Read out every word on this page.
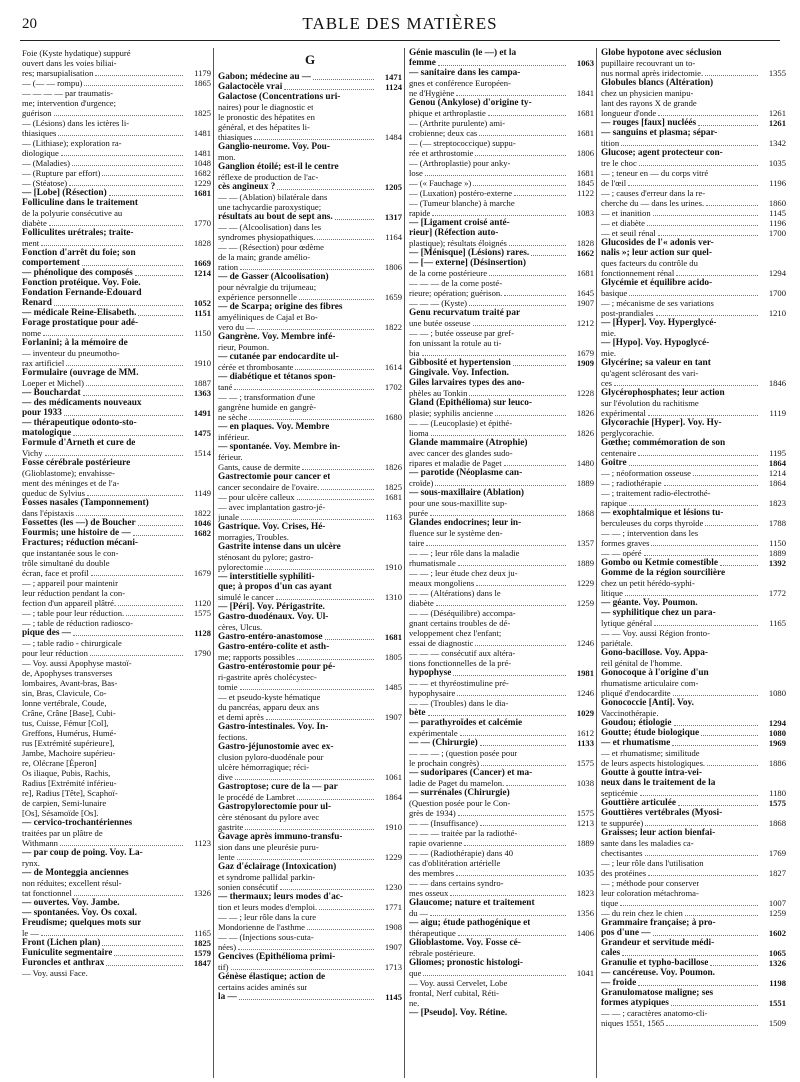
20	TABLE DES MATIÈRES
Foie (Kyste hydatique) suppuré
ouvert dans les voies biliai-
res; marsupialisation	1179
— (— — rompu)	1865
— — — — par traumatis-
me; intervention d'urgence;
guérison	1825
— (Lésions) dans les ictères li-
thiasiques	1481
— (Lithiase); exploration ra-
diologique	1481
— (Maladies)	1048
— (Rupture par effort)	1682
— (Stéatose)	1229
— [Lobe] (Résection)	1681
Folliculine dans le traitement
de la polyurie consécutive au
diabète	1770
Folliculites urétrales; traite-
ment	1828
Fonction d'arrêt du foie; son
comportement	1669
— phénolique des composés	1214
Fonction protéique. Voy. Foie.
Fondation Fernande-Edouard
Renard	1052
— médicale Reine-Elisabeth.	1151
Forage prostatique pour adé-
nome	1150
Forlanini; à la mémoire de
— inventeur du pneumotho-
rax artificiel	1910
Formulaire (ouvrage de MM.
Loeper et Michel)	1887
— Bouchardat	1363
— des médicaments nouveaux
pour 1933	1491
— thérapeutique odonto-sto-
matologique	1475
Formule d'Arneth et cure de
Vichy	1514
Fosse cérébrale postérieure
(Glioblastome); envahisse-
ment des méninges et de l'a-
queduc de Sylvius	1149
Fosses nasales (Tamponnement)
dans l'épistaxis	1822
Fossettes (les —) de Boucher	1046
Fourmis; une histoire de —	1682
Fractures; réduction mécani-
que instantanée sous le con-
trôle simultané du double
écran, face et profil	1679
— ; appareil pour maintenir
leur réduction pendant la con-
fection d'un appareil plâtré.	1120
— ; table pour leur réduction.	1575
— ; table de réduction radiosco-
pique des —	1128
— ; table radio - chirurgicale
pour leur réduction	1790
— Voy. aussi Apophyse mastoï-
de, Apophyses transverses
lombaires, Avant-bras, Bas-
sin, Bras, Clavicule, Co-
lonne vertébrale, Coude,
Crâne, Crâne [Base], Cubi-
tus, Cuisse, Fémur [Col],
Greffons, Humérus, Humé-
rus [Extrémité supérieure],
Jambe, Machoire supérieu-
re, Olécrane [Éperon]
Os iliaque, Pubis, Rachis,
Radius [Extrémité inférieu-
re], Radius [Tête], Scaphoï-
de carpien, Semi-lunaire
[Os], Sésamoïde [Os].
— cervico-trochantériennes
traitées par un plâtre de
Withmann	1123
— par coup de poing. Voy. La-
rynx.
— de Monteggia anciennes
non réduites; excellent résul-
tat fonctionnel	1326
— ouvertes. Voy. Jambe.
— spontanées. Voy. Os coxal.
Freudisme; quelques mots sur
le —	1165
Front (Lichen plan)	1825
Funiculite segmentaire	1579
Furoncles et anthrax	1847
— Voy. aussi Face.
G
Gabon; médecine au —	1471
Galactocèle vrai	1124
Galactose (Concentrations uri-
naires) pour le diagnostic et
le pronostic des hépatites en
général, et des hépatites li-
thiasiques	1484
Ganglio-neurome. Voy. Pou-
mon.
Ganglion étoilé; est-il le centre
réflexe de production de l'ac-
cès angineux ?	1205
— — (Ablation) bilatérale dans
une tachycardie paroxystique;
résultats au bout de sept ans.	1317
— — (Alcoolisation) dans les
syndromes physiopathiques.	1164
— — (Résection) pour œdème
de la main; grande amélio-
ration	1806
— de Gasser (Alcoolisation)
pour névralgie du trijumeau;
expérience personnelle	1659
— de Scarpa; origine des fibres
amyéliniques de Cajal et Bo-
vero du —	1822
Gangrène. Voy. Membre infé-
rieur, Poumon.
— cutanée par endocardite ul-
cérée et thrombosante	1614
— diabétique et tétanos spon-
tané	1702
— — ; transformation d'une
gangrène humide en gangrè-
ne sèche	1680
— en plaques. Voy. Membre
inférieur.
— spontanée. Voy. Membre in-
férieur.
Gants, cause de dermite	1826
Gastrectomie pour cancer et
cancer secondaire de l'ovaire.	1825
— pour ulcère calleux	1681
— avec implantation gastro-jé-
junale	1163
Gastrique. Voy. Crises, Hé-
morragies, Troubles.
Gastrite intense dans un ulcère
sténosant du pylore; gastro-
pylorectomie	1910
— interstitielle syphiliti-
que; à propos d'un cas ayant
simulé le cancer	1310
— [Péri]. Voy. Périgastrite.
Gastro-duodénaux. Voy. Ul-
cères, Ulcus.
Gastro-entéro-anastomose	1681
Gastro-entéro-colite et asth-
me; rapports possibles	1805
Gastro-entérostomie pour pé-
ri-gastrite après cholécystec-
tomie	1485
— et pseudo-kyste hématique
du pancréas, apparu deux ans
et demi après	1907
Gastro-intestinales. Voy. In-
fections.
Gastro-jéjunostomie avec ex-
clusion pyloro-duodénale pour
ulcère hémorragique; réci-
dive	1061
Gastroptose; cure de la — par
le procédé de Lambret	1864
Gastropylorectomie pour ul-
cère sténosant du pylore avec
gastrite	1910
Gavage après immuno-transfu-
sion dans une pleurésie puru-
lente	1229
Gaz d'éclairage (Intoxication)
et syndrome pallidal parkin-
sonien consécutif	1230
— thermaux; leurs modes d'ac-
tion et leurs modes d'emploi.	1771
— — ; leur rôle dans la cure
Mondorienne de l'asthme	1908
— — (Injections sous-cuta-
nées)	1907
Gencives (Epithélioma primi-
tif)	1713
Génèse élastique; action de
certains acides aminés sur
la —	1145
Génie masculin (le —) et la
femme	1063
— sanitaire dans les campa-
gnes et conférence Européen-
ne d'Hygiène	1841
Genou (Ankylose) d'origine ty-
phique et arthroplastie	1681
— (Arthrite purulente) ami-
crobienne; deux cas	1681
— (— streptococcique) suppu-
rée et arthrostomie	1806
— (Arthroplastie) pour anky-
lose	1681
— (« Fauchage »)	1845
— (Luxation) postéro-externe	1122
— (Tumeur blanche) à marche
rapide	1083
— [Ligament croisé anté-
rieur] (Réfection auto-
plastique); résultats éloignés	1828
— [Ménisque] (Lésions) rares.	1662
— [— externe] (Désinsertion)
de la corne postérieure	1681
— — — de la corne posté-
rieure; opération; guérison.	1645
— — — (Kyste)	1907
Genu recurvatum traité par
une butée osseuse	1212
— — ; butée osseuse par gref-
fon unissant la rotule au ti-
bia	1679
Gibbosité et hypertension	1909
Gingivale. Voy. Infection.
Giles larvaires types des ano-
phèles au Tonkin	1228
Gland (Epithélioma) sur leuco-
plasie; syphilis ancienne	1826
— — (Leucoplasie) et épithé-
lioma	1826
Glande mammaire (Atrophie)
avec cancer des glandes sudo-
ripares et maladie de Paget	1480
— parotide (Néoplasme can-
croïde)	1889
— sous-maxillaire (Ablation)
pour une sous-maxillite sup-
purée	1868
Glandes endocrines; leur in-
fluence sur le système den-
taire	1357
— — ; leur rôle dans la maladie
rhumatismale	1889
— — ; leur étude chez deux ju-
meaux mongoliens	1229
— — (Altérations) dans le
diabète	1259
— — (Déséquilibre) accompa-
gnant certains troubles de dé-
veloppement chez l'enfant;
essai de diagnostic	1246
— — — consécutif aux altéra-
tions fonctionnelles de la pré-
hypophyse	1981
— — et thyréostimuline pré-
hypophysaire	1246
— — (Troubles) dans le dia-
bète	1029
— parathyroïdes et calcémie
expérimentale	1612
— — (Chirurgie)	1133
— — — ; (question posée pour
le prochain congrès)	1575
— sudoripares (Cancer) et ma-
ladie de Paget du mamelon.	1038
— surrénales (Chirurgie)
(Question posée pour le Con-
grès de 1934)	1575
— — (Insuffisance)	1213
— — — traitée par la radiothé-
rapie ovarienne	1889
— — (Radiothérapie) dans 40
cas d'oblitération artérielle
des membres	1035
— — dans certains syndro-
mes osseux	1823
Glaucome; nature et traitement
du —	1356
— aigu; étude pathogénique et
thérapeutique	1406
Glioblastome. Voy. Fosse cé-
rébrale postérieure.
Gliomes; pronostic histologi-
que	1041
— Voy. aussi Cervelet, Lobe
frontal, Nerf cubital, Réti-
ne.
— [Pseudo]. Voy. Rétine.
Globe hypotone avec séclusion
pupillaire recouvrant un to-
nus normal après iridectomie.	1355
Globules blancs (Altération)
chez un physicien manipu-
lant des rayons X de grande
longueur d'onde	1261
— rouges [faux] nucléés	1261
— sanguins et plasma; sépar-
tition	1342
Glucose; agent protecteur con-
tre le choc	1035
— ; teneur en — du corps vitré
de l'œil	1196
— ; causes d'erreur dans la re-
cherche du — dans les urines.	1860
— et inanition	1145
— et diabète	1196
— et seuil rénal	1700
Glucosides de l'« adonis ver-
nalis »; leur action sur quel-
ques facteurs du contrôle du
fonctionnement rénal	1294
Glycémie et équilibre acido-
basique	1700
— ; mécanisme de ses variations
post-prandiales	1210
— [Hyper]. Voy. Hyperglycé-
mie.
— [Hypo]. Voy. Hypoglycé-
mie.
Glycérine; sa valeur en tant
qu'agent sclérosant des vari-
ces	1846
Glycérophosphates; leur action
sur l'évolution du rachitisme
expérimental	1119
Glycorachie [Hyper]. Voy. Hy-
perglycorachie.
Gœthe; commémoration de son
centenaire	1195
Goitre	1864
— ; néoformation osseuse	1214
— ; radiothérapie	1864
— ; traitement radio-électrothé-
rapique	1823
— exophtalmique et lésions tu-
berculeuses du corps thyroïde	1788
— — ; intervention dans les
formes graves	1150
— — opéré	1889
Gombo ou Ketmie comestible	1392
Gomme de la région sourcilière
chez un petit hérédo-syphi-
litique	1772
— géante. Voy. Poumon.
— syphilitique chez un para-
lytique général	1165
— — Voy. aussi Région fronto-
pariétale.
Gono-bacillose. Voy. Appa-
reil génital de l'homme.
Gonocoque à l'origine d'un
rhumatisme articulaire com-
pliqué d'endocardite	1080
Gonococcie [Anti]. Voy.
Vaccinothérapie.
Goudou; étiologie	1294
Goutte; étude biologique	1080
— et rhumatisme	1969
— et rhumatisme; similitude
de leurs aspects histologiques.	1886
Goutte à goutte intra-vei-
neux dans le traitement de la
septicémie	1180
Gouttière articulée	1575
Gouttières vertébrales (Myosi-
te suppurée)	1868
Graisses; leur action bienfai-
sante dans les maladies ca-
chectisantes	1769
— ; leur rôle dans l'utilisation
des protéines	1827
— ; méthode pour conserver
leur coloration métachroma-
tique	1007
— du rein chez le chien	1259
Grammaire française; à pro-
pos d'une —	1602
Grandeur et servitude médi-
cales	1065
Granulie et typho-bacillose	1326
— cancéreuse. Voy. Poumon.
— froide	1198
Granulomatose maligne; ses
formes atypiques	1551
— — ; caractères anatomo-cli-
niques 1551, 1565	1509
